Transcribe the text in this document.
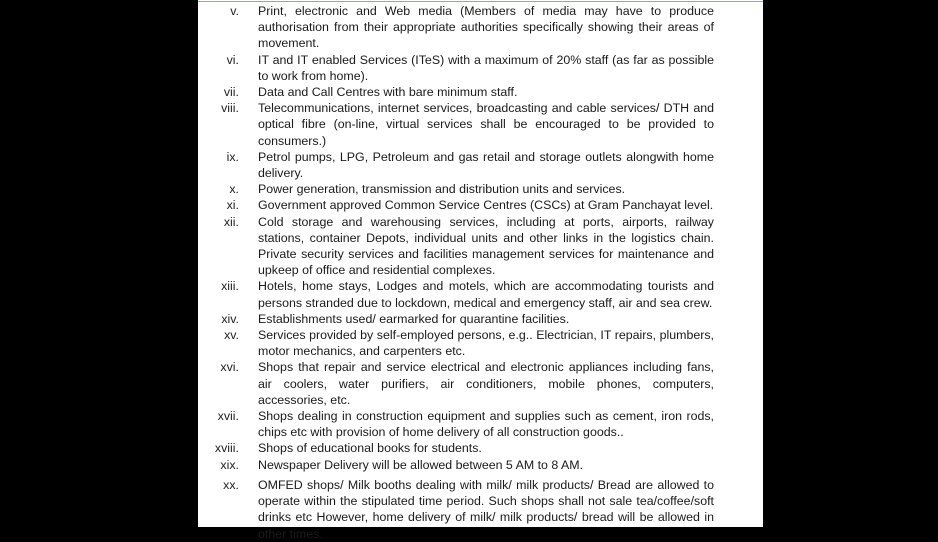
v. Print, electronic and Web media (Members of media may have to produce authorisation from their appropriate authorities specifically showing their areas of movement.
vi. IT and IT enabled Services (ITeS) with a maximum of 20% staff (as far as possible to work from home).
vii. Data and Call Centres with bare minimum staff.
viii. Telecommunications, internet services, broadcasting and cable services/ DTH and optical fibre (on-line, virtual services shall be encouraged to be provided to consumers.)
ix. Petrol pumps, LPG, Petroleum and gas retail and storage outlets alongwith home delivery.
x. Power generation, transmission and distribution units and services.
xi. Government approved Common Service Centres (CSCs) at Gram Panchayat level.
xii. Cold storage and warehousing services, including at ports, airports, railway stations, container Depots, individual units and other links in the logistics chain. Private security services and facilities management services for maintenance and upkeep of office and residential complexes.
xiii. Hotels, home stays, Lodges and motels, which are accommodating tourists and persons stranded due to lockdown, medical and emergency staff, air and sea crew.
xiv. Establishments used/ earmarked for quarantine facilities.
xv. Services provided by self-employed persons, e.g.. Electrician, IT repairs, plumbers, motor mechanics, and carpenters etc.
xvi. Shops that repair and service electrical and electronic appliances including fans, air coolers, water purifiers, air conditioners, mobile phones, computers, accessories, etc.
xvii. Shops dealing in construction equipment and supplies such as cement, iron rods, chips etc with provision of home delivery of all construction goods..
xviii. Shops of educational books for students.
xix. Newspaper Delivery will be allowed between 5 AM to 8 AM.
xx. OMFED shops/ Milk booths dealing with milk/ milk products/ Bread are allowed to operate within the stipulated time period. Such shops shall not sale tea/coffee/soft drinks etc However, home delivery of milk/ milk products/ bread will be allowed in other times.
